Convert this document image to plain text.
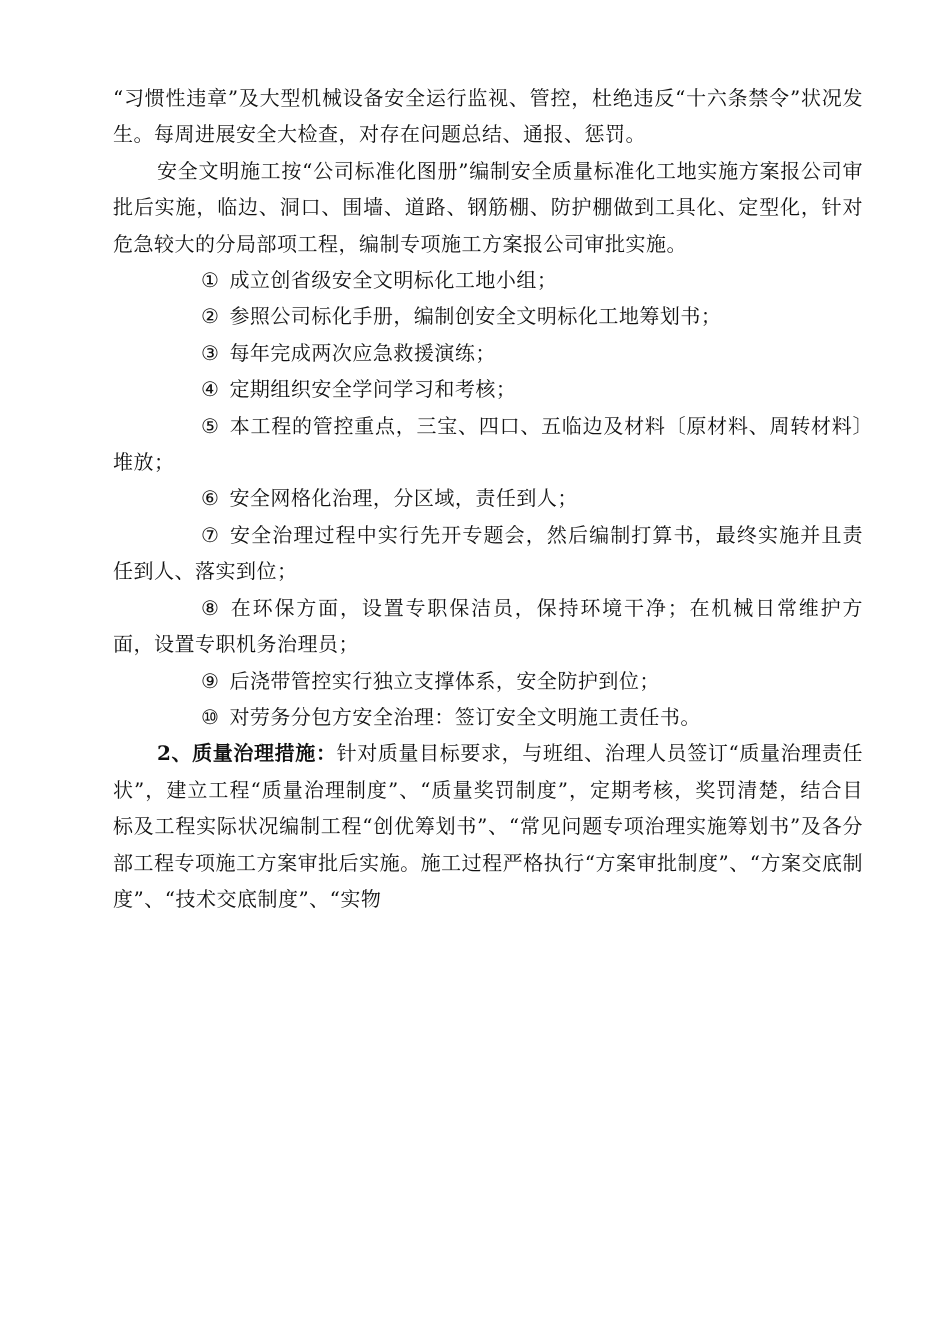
“习惯性违章”及大型机械设备安全运行监视、管控，杜绝违反“十六条禁令”状况发生。每周进展安全大检查，对存在问题总结、通报、惩罚。

安全文明施工按“公司标准化图册”编制安全质量标准化工地实施方案报公司审批后实施，临边、洞口、围墙、道路、钢筋棚、防护棚做到工具化、定型化，针对危急较大的分局部项工程，编制专项施工方案报公司审批实施。

① 成立创省级安全文明标化工地小组；

② 参照公司标化手册，编制创安全文明标化工地筹划书；

③ 每年完成两次应急救援演练；

④ 定期组织安全学问学习和考核；

⑤ 本工程的管控重点，三宝、四口、五临边及材料〔原材料、周转材料〕堆放；

⑥ 安全网格化治理，分区域，责任到人；

⑦ 安全治理过程中实行先开专题会，然后编制打算书，最终实施并且责任到人、落实到位；

⑧ 在环保方面，设置专职保洁员，保持环境干净；在机械日常维护方面，设置专职机务治理员；

⑨ 后浇带管控实行独立支撑体系，安全防护到位；

⑩ 对劳务分包方安全治理：签订安全文明施工责任书。

2、质量治理措施：针对质量目标要求，与班组、治理人员签订“质量治理责任状”，建立工程“质量治理制度”、“质量奖罚制度”，定期考核，奖罚清楚，结合目标及工程实际状况编制工程“创优筹划书”、“常见问题专项治理实施筹划书”及各分部工程专项施工方案审批后实施。施工过程严格执行“方案审批制度”、“方案交底制度”、“技术交底制度”、“实物
